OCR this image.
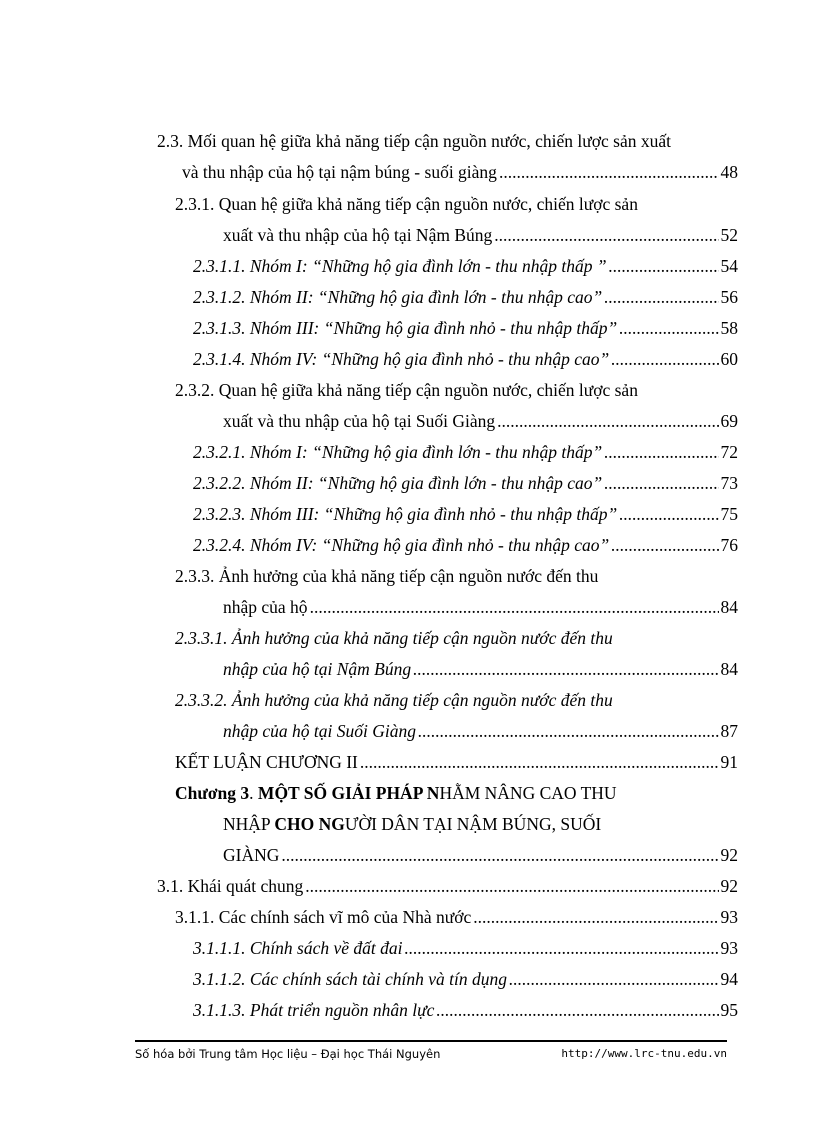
2.3. Mối quan hệ giữa khả năng tiếp cận nguồn nước, chiến lược sản xuất
và thu nhập của hộ tại nậm búng - suối giàng .....	48
2.3.1. Quan hệ giữa khả năng tiếp cận nguồn nước, chiến lược sản
xuất và thu nhập của hộ tại Nậm Búng .....	52
2.3.1.1. Nhóm I: “Những hộ gia đình lớn - thu nhập thấp ” .....	54
2.3.1.2. Nhóm II: “Những hộ gia đình lớn - thu nhập cao” .....	56
2.3.1.3. Nhóm III: “Những hộ gia đình nhỏ - thu nhập thấp” .....	58
2.3.1.4. Nhóm IV: “Những hộ gia đình nhỏ - thu nhập cao” .....	60
2.3.2. Quan hệ giữa khả năng tiếp cận nguồn nước, chiến lược sản
xuất và thu nhập của hộ tại Suối Giàng .....	69
2.3.2.1. Nhóm I: “Những hộ gia đình lớn - thu nhập thấp” .....	72
2.3.2.2. Nhóm II: “Những hộ gia đình lớn - thu nhập cao” .....	73
2.3.2.3. Nhóm III: “Những hộ gia đình nhỏ - thu nhập thấp” .....	75
2.3.2.4. Nhóm IV: “Những hộ gia đình nhỏ - thu nhập cao” .....	76
2.3.3. Ảnh hưởng của khả năng tiếp cận nguồn nước đến thu
nhập của hộ .....	84
2.3.3.1. Ảnh hưởng của khả năng tiếp cận nguồn nước đến thu
nhập của hộ tại Nậm Búng .....	84
2.3.3.2. Ảnh hưởng của khả năng tiếp cận nguồn nước đến thu
nhập của hộ tại Suối Giàng .....	87
KẾT LUẬN CHƯƠNG II .....	91
Chương 3. MỘT SỐ GIẢI PHÁP NHẰM NÂNG CAO THU
NHẬP CHO NGƯỜI DÂN TẠI NẬM BÚNG, SUỐI
GIÀNG .....	92
3.1. Khái quát chung .....	92
3.1.1. Các chính sách vĩ mô của Nhà nước .....	93
3.1.1.1. Chính sách về đất đai .....	93
3.1.1.2. Các chính sách tài chính và tín dụng .....	94
3.1.1.3. Phát triển nguồn nhân lực .....	95
Số hóa bởi Trung tâm Học liệu – Đại học Thái Nguyên	http://www.lrc-tnu.edu.vn
